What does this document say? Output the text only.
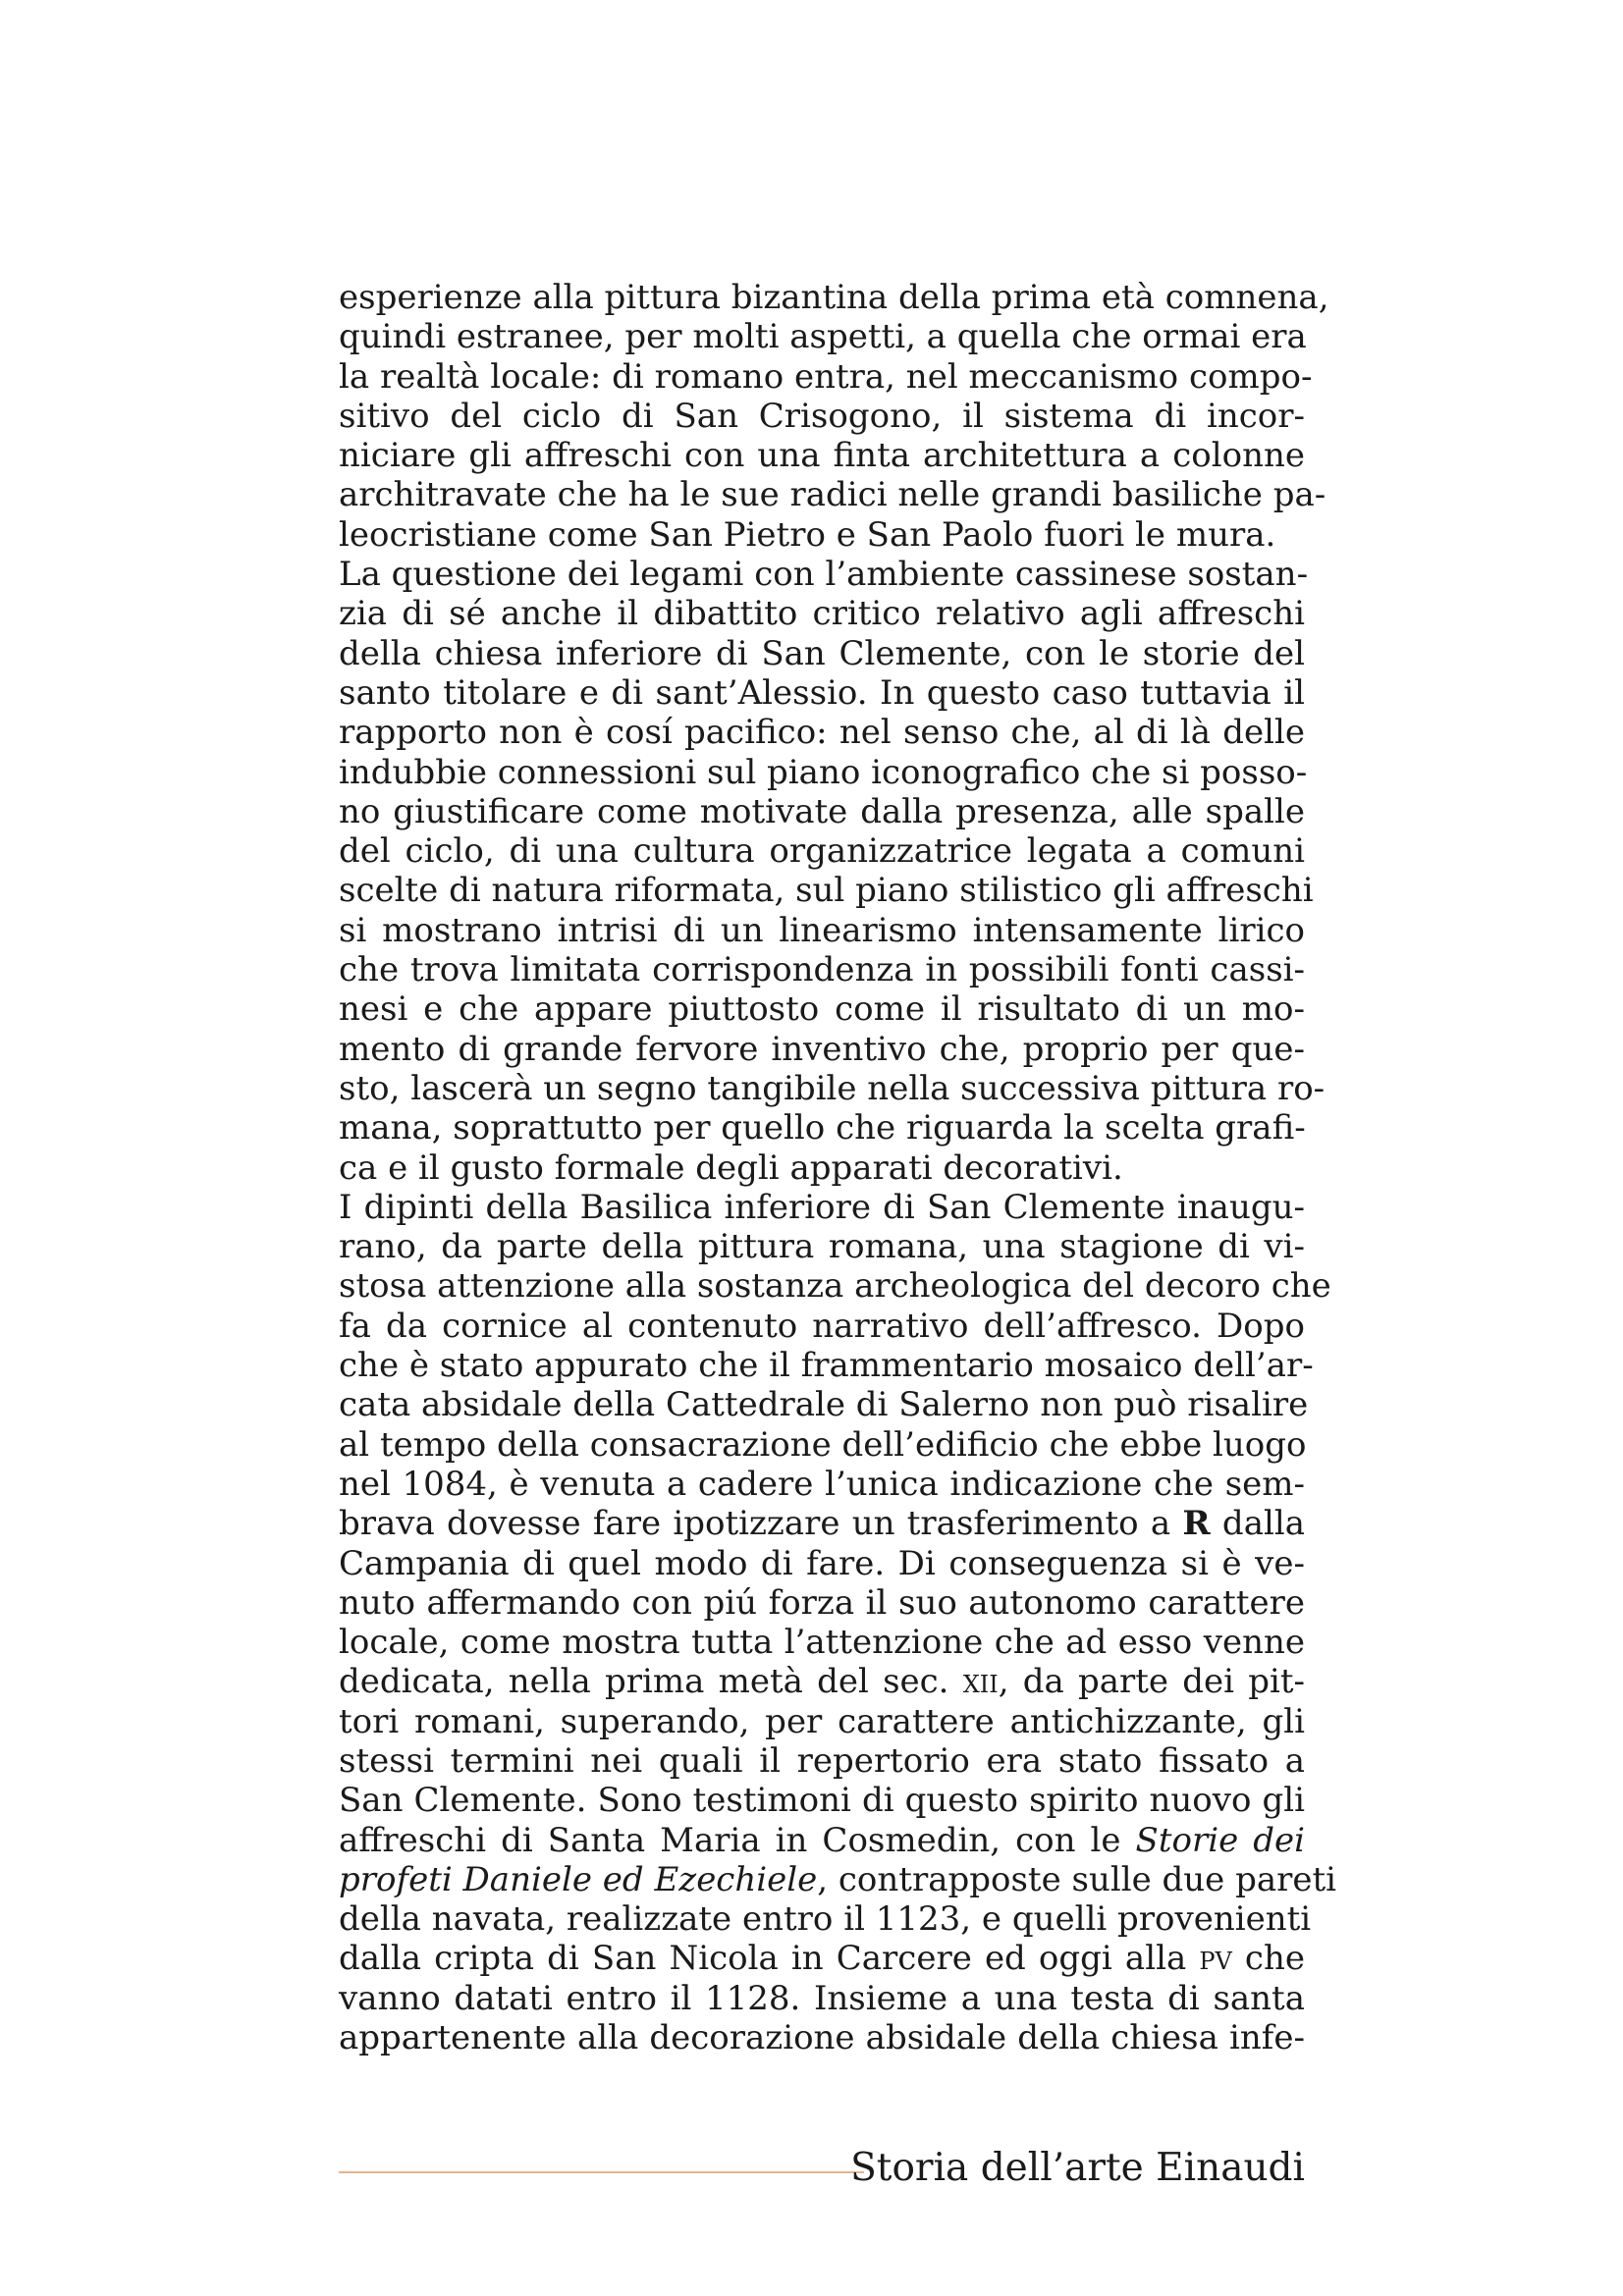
esperienze alla pittura bizantina della prima età comnena,
quindi estranee, per molti aspetti, a quella che ormai era
la realtà locale: di romano entra, nel meccanismo compo-
sitivo del ciclo di San Crisogono, il sistema di incor-
niciare gli affreschi con una finta architettura a colonne
architravate che ha le sue radici nelle grandi basiliche pa-
leocristiane come San Pietro e San Paolo fuori le mura.
La questione dei legami con l’ambiente cassinese sostan-
zia di sé anche il dibattito critico relativo agli affreschi
della chiesa inferiore di San Clemente, con le storie del
santo titolare e di sant’Alessio. In questo caso tuttavia il
rapporto non è cosí pacifico: nel senso che, al di là delle
indubbie connessioni sul piano iconografico che si posso-
no giustificare come motivate dalla presenza, alle spalle
del ciclo, di una cultura organizzatrice legata a comuni
scelte di natura riformata, sul piano stilistico gli affreschi
si mostrano intrisi di un linearismo intensamente lirico
che trova limitata corrispondenza in possibili fonti cassi-
nesi e che appare piuttosto come il risultato di un mo-
mento di grande fervore inventivo che, proprio per que-
sto, lascerà un segno tangibile nella successiva pittura ro-
mana, soprattutto per quello che riguarda la scelta grafi-
ca e il gusto formale degli apparati decorativi.
I dipinti della Basilica inferiore di San Clemente inaugu-
rano, da parte della pittura romana, una stagione di vi-
stosa attenzione alla sostanza archeologica del decoro che
fa da cornice al contenuto narrativo dell’affresco. Dopo
che è stato appurato che il frammentario mosaico dell’ar-
cata absidale della Cattedrale di Salerno non può risalire
al tempo della consacrazione dell’edificio che ebbe luogo
nel 1084, è venuta a cadere l’unica indicazione che sem-
brava dovesse fare ipotizzare un trasferimento a R dalla
Campania di quel modo di fare. Di conseguenza si è ve-
nuto affermando con piú forza il suo autonomo carattere
locale, come mostra tutta l’attenzione che ad esso venne
dedicata, nella prima metà del sec. xii, da parte dei pit-
tori romani, superando, per carattere antichizzante, gli
stessi termini nei quali il repertorio era stato fissato a
San Clemente. Sono testimoni di questo spirito nuovo gli
affreschi di Santa Maria in Cosmedin, con le Storie dei
profeti Daniele ed Ezechiele, contrapposte sulle due pareti
della navata, realizzate entro il 1123, e quelli provenienti
dalla cripta di San Nicola in Carcere ed oggi alla pv che
vanno datati entro il 1128. Insieme a una testa di santa
appartenente alla decorazione absidale della chiesa infe-
Storia dell’arte Einaudi
